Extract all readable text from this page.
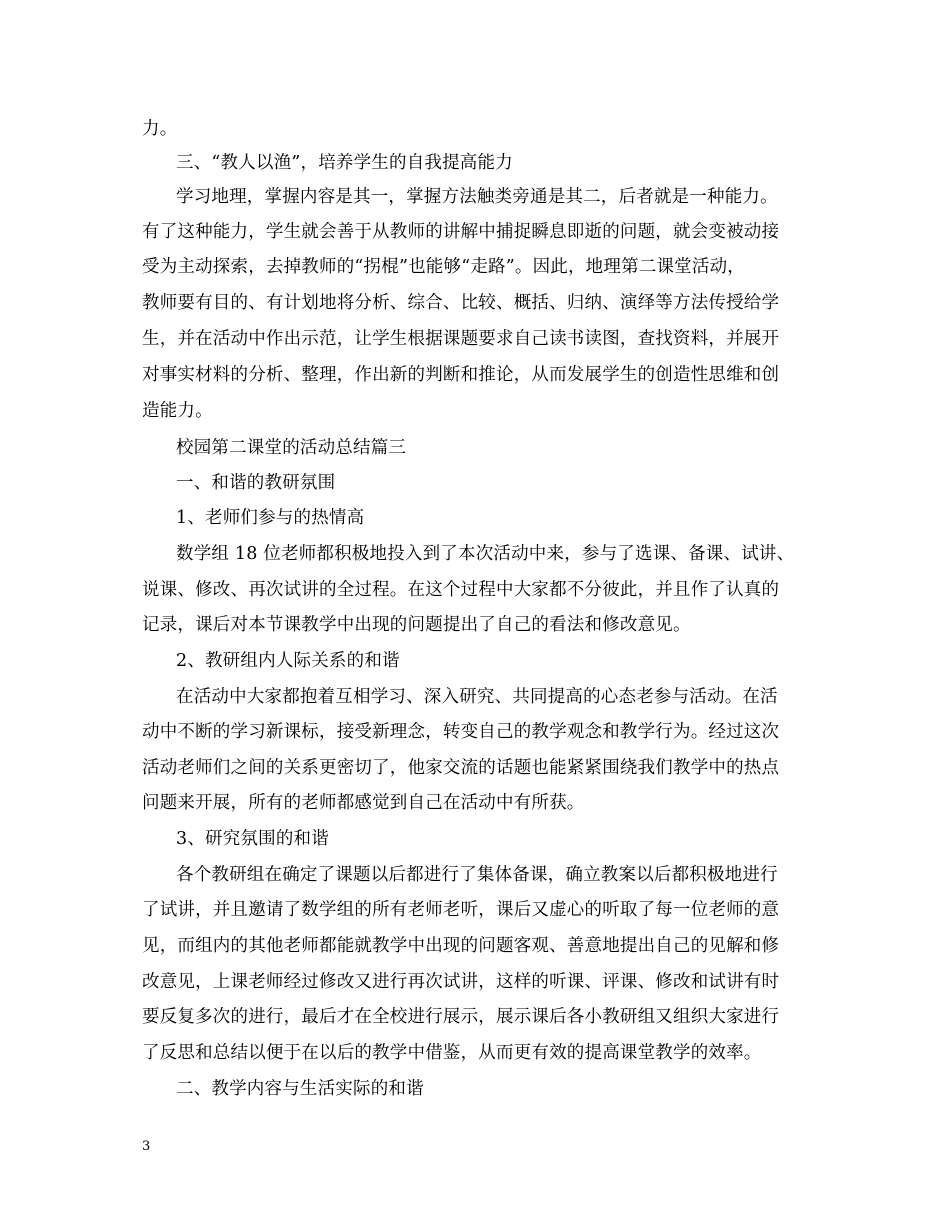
力。
三、“教人以渔”，培养学生的自我提高能力
学习地理，掌握内容是其一，掌握方法触类旁通是其二，后者就是一种能力。
有了这种能力，学生就会善于从教师的讲解中捕捉瞬息即逝的问题，就会变被动接
受为主动探索，去掉教师的“拐棍”也能够“走路”。因此，地理第二课堂活动，
教师要有目的、有计划地将分析、综合、比较、概括、归纳、演绎等方法传授给学
生，并在活动中作出示范，让学生根据课题要求自己读书读图，查找资料，并展开
对事实材料的分析、整理，作出新的判断和推论，从而发展学生的创造性思维和创
造能力。
校园第二课堂的活动总结篇三
一、和谐的教研氛围
1、老师们参与的热情高
数学组 18 位老师都积极地投入到了本次活动中来，参与了选课、备课、试讲、
说课、修改、再次试讲的全过程。在这个过程中大家都不分彼此，并且作了认真的
记录，课后对本节课教学中出现的问题提出了自己的看法和修改意见。
2、教研组内人际关系的和谐
在活动中大家都抱着互相学习、深入研究、共同提高的心态老参与活动。在活
动中不断的学习新课标，接受新理念，转变自己的教学观念和教学行为。经过这次
活动老师们之间的关系更密切了，他家交流的话题也能紧紧围绕我们教学中的热点
问题来开展，所有的老师都感觉到自己在活动中有所获。
3、研究氛围的和谐
各个教研组在确定了课题以后都进行了集体备课，确立教案以后都积极地进行
了试讲，并且邀请了数学组的所有老师老听，课后又虚心的听取了每一位老师的意
见，而组内的其他老师都能就教学中出现的问题客观、善意地提出自己的见解和修
改意见，上课老师经过修改又进行再次试讲，这样的听课、评课、修改和试讲有时
要反复多次的进行，最后才在全校进行展示，展示课后各小教研组又组织大家进行
了反思和总结以便于在以后的教学中借鉴，从而更有效的提高课堂教学的效率。
二、教学内容与生活实际的和谐
3
